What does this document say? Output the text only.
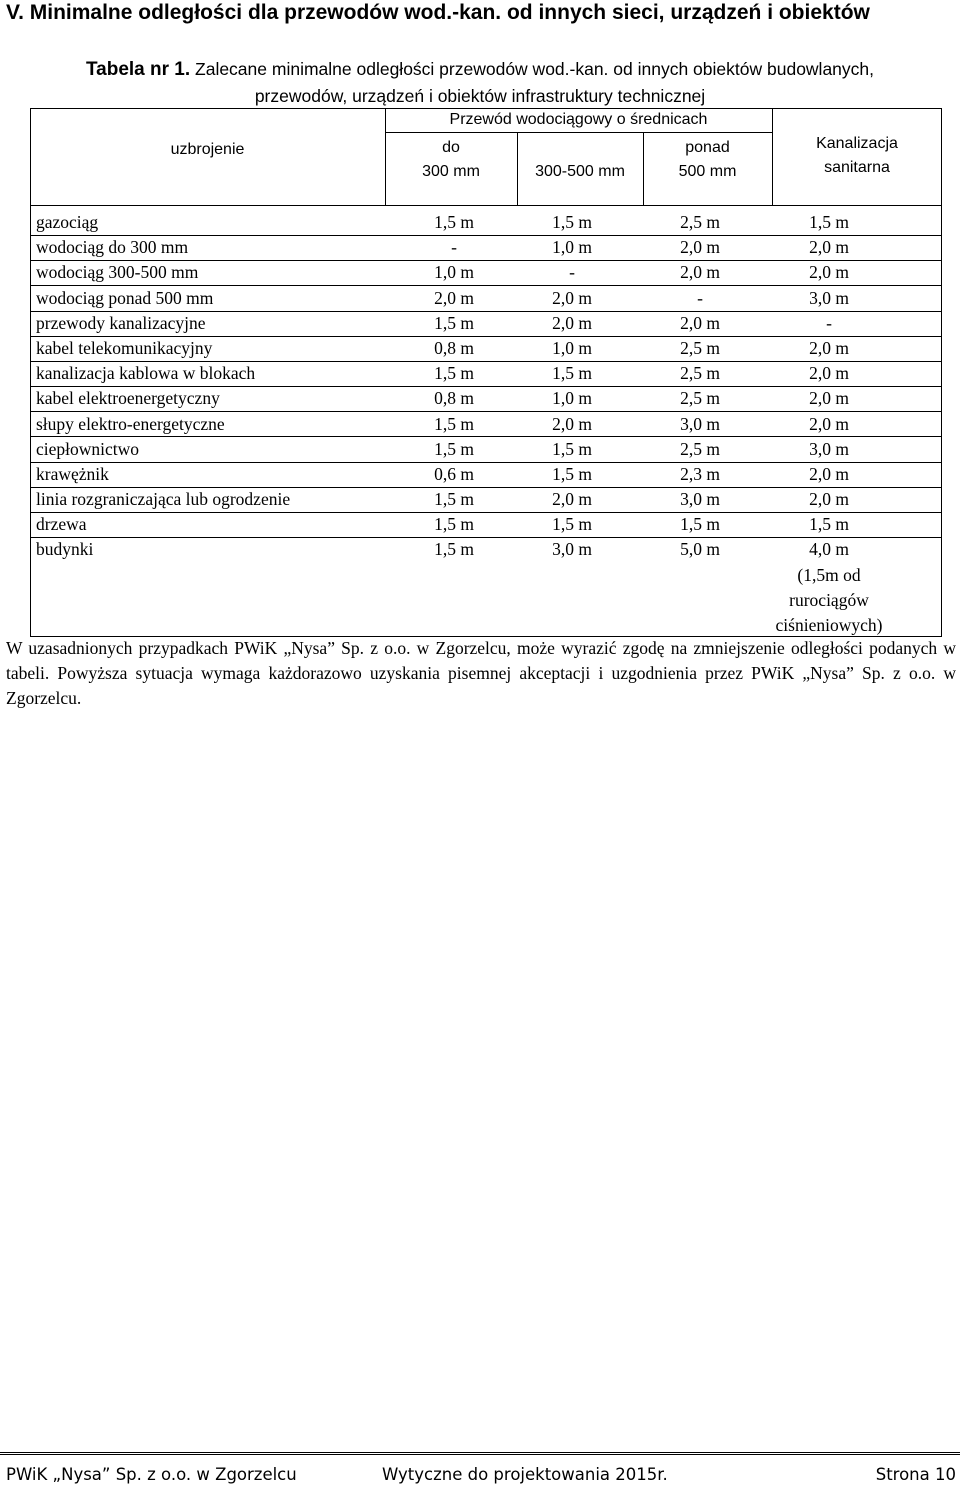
V. Minimalne odległości dla przewodów wod.-kan. od innych sieci, urządzeń i obiektów
Tabela nr 1. Zalecane minimalne odległości przewodów wod.-kan. od innych obiektów budowlanych,
przewodów, urządzeń i obiektów infrastruktury technicznej
uzbrojenie
Przewód wodociągowy o średnicach
do
300 mm	300-500 mm
ponad
500 mm
Kanalizacja
sanitarna
gazociąg	1,5 m	1,5 m	2,5 m	1,5 m
wodociąg do 300 mm	-	1,0 m	2,0 m	2,0 m
wodociąg 300-500 mm	1,0 m	-	2,0 m	2,0 m
wodociąg ponad 500 mm	2,0 m	2,0 m	-	3,0 m
przewody kanalizacyjne	1,5 m	2,0 m	2,0 m	-
kabel telekomunikacyjny	0,8 m	1,0 m	2,5 m	2,0 m
kanalizacja kablowa w blokach	1,5 m	1,5 m	2,5 m	2,0 m
kabel elektroenergetyczny	0,8 m	1,0 m	2,5 m	2,0 m
słupy elektro-energetyczne	1,5 m	2,0 m	3,0 m	2,0 m
ciepłownictwo	1,5 m	1,5 m	2,5 m	3,0 m
krawężnik	0,6 m	1,5 m	2,3 m	2,0 m
linia rozgraniczająca lub ogrodzenie	1,5 m	2,0 m	3,0 m	2,0 m
drzewa	1,5 m	1,5 m	1,5 m	1,5 m
budynki	1,5 m	3,0 m	5,0 m	4,0 m
(1,5m od
rurociągów
ciśnieniowych)
W uzasadnionych przypadkach PWiK „Nysa” Sp. z o.o. w Zgorzelcu, może wyrazić zgodę na zmniejszenie odległości podanych w tabeli. Powyższa sytuacja wymaga każdorazowo uzyskania pisemnej akceptacji i uzgodnienia przez PWiK „Nysa” Sp. z o.o. w Zgorzelcu.
PWiK „Nysa” Sp. z o.o. w Zgorzelcu	Wytyczne do projektowania 2015r.	Strona 10
